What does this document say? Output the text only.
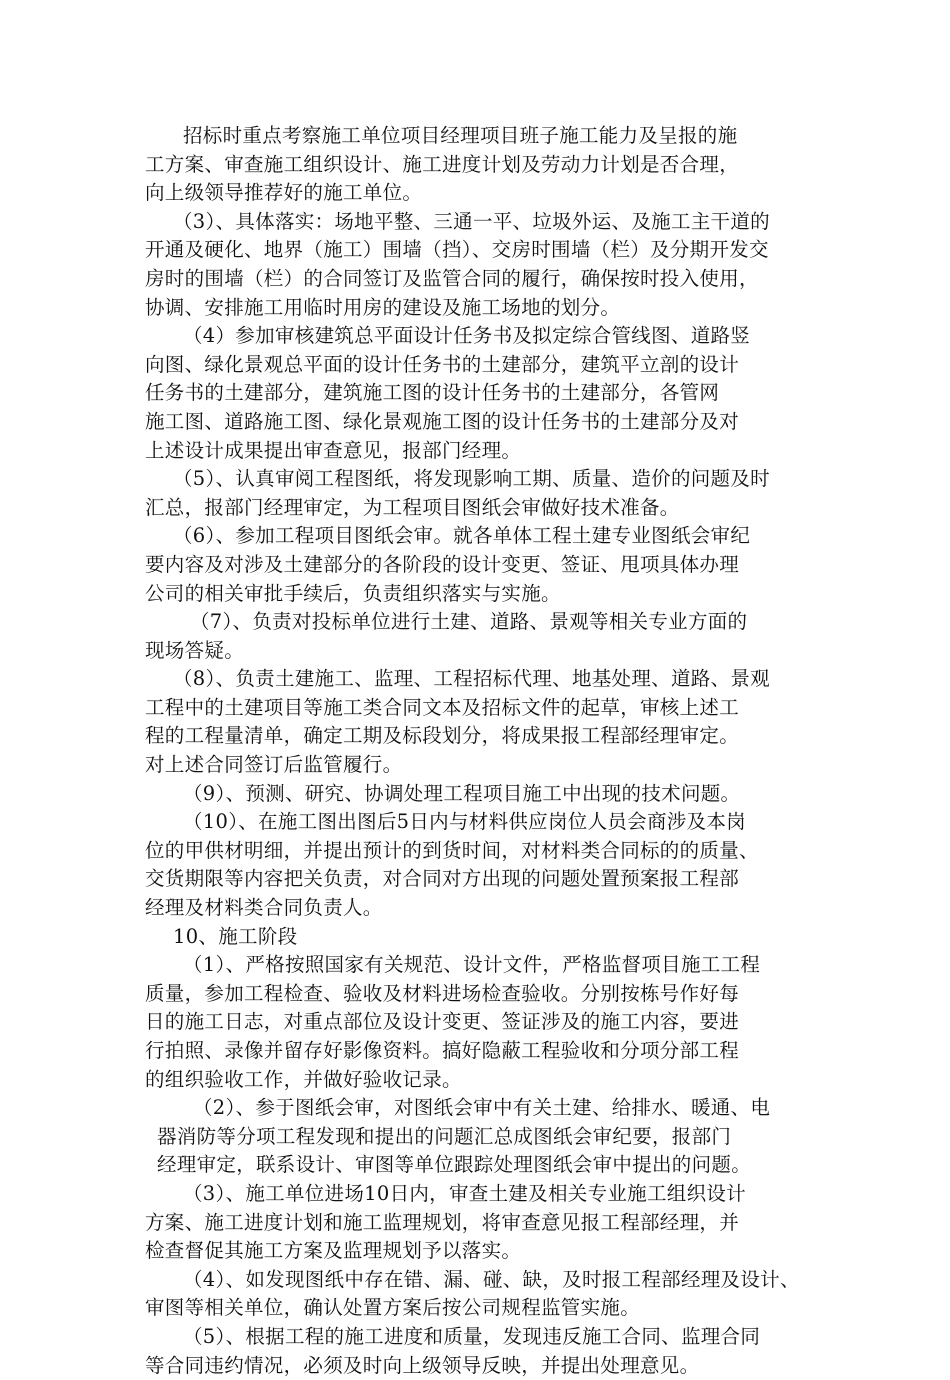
招标时重点考察施工单位项目经理项目班子施工能力及呈报的施
工方案、审查施工组织设计、施工进度计划及劳动力计划是否合理，
向上级领导推荐好的施工单位。
（3）、具体落实：场地平整、三通一平、垃圾外运、及施工主干道的
开通及硬化、地界（施工）围墙（挡）、交房时围墙（栏）及分期开发交
房时的围墙（栏）的合同签订及监管合同的履行，确保按时投入使用，
协调、安排施工用临时用房的建设及施工场地的划分。
（4）参加审核建筑总平面设计任务书及拟定综合管线图、道路竖
向图、绿化景观总平面的设计任务书的土建部分，建筑平立剖的设计
任务书的土建部分，建筑施工图的设计任务书的土建部分，各管网
施工图、道路施工图、绿化景观施工图的设计任务书的土建部分及对
上述设计成果提出审查意见，报部门经理。
（5）、认真审阅工程图纸，将发现影响工期、质量、造价的问题及时
汇总，报部门经理审定，为工程项目图纸会审做好技术准备。
（6）、参加工程项目图纸会审。就各单体工程土建专业图纸会审纪
要内容及对涉及土建部分的各阶段的设计变更、签证、甩项具体办理
公司的相关审批手续后，负责组织落实与实施。
（7）、负责对投标单位进行土建、道路、景观等相关专业方面的
现场答疑。
（8）、负责土建施工、监理、工程招标代理、地基处理、道路、景观
工程中的土建项目等施工类合同文本及招标文件的起草，审核上述工
程的工程量清单，确定工期及标段划分，将成果报工程部经理审定。
对上述合同签订后监管履行。
（9）、预测、研究、协调处理工程项目施工中出现的技术问题。
（10）、在施工图出图后5日内与材料供应岗位人员会商涉及本岗
位的甲供材明细，并提出预计的到货时间，对材料类合同标的的质量、
交货期限等内容把关负责，对合同对方出现的问题处置预案报工程部
经理及材料类合同负责人。
10、施工阶段
（1）、严格按照国家有关规范、设计文件，严格监督项目施工工程
质量，参加工程检查、验收及材料进场检查验收。分别按栋号作好每
日的施工日志，对重点部位及设计变更、签证涉及的施工内容，要进
行拍照、录像并留存好影像资料。搞好隐蔽工程验收和分项分部工程
的组织验收工作，并做好验收记录。
（2）、参于图纸会审，对图纸会审中有关土建、给排水、暖通、电
器消防等分项工程发现和提出的问题汇总成图纸会审纪要，报部门
经理审定，联系设计、审图等单位跟踪处理图纸会审中提出的问题。
（3）、施工单位进场10日内，审查土建及相关专业施工组织设计
方案、施工进度计划和施工监理规划，将审查意见报工程部经理，并
检查督促其施工方案及监理规划予以落实。
（4）、如发现图纸中存在错、漏、碰、缺，及时报工程部经理及设计、
审图等相关单位，确认处置方案后按公司规程监管实施。
（5）、根据工程的施工进度和质量，发现违反施工合同、监理合同
等合同违约情况，必须及时向上级领导反映，并提出处理意见。
